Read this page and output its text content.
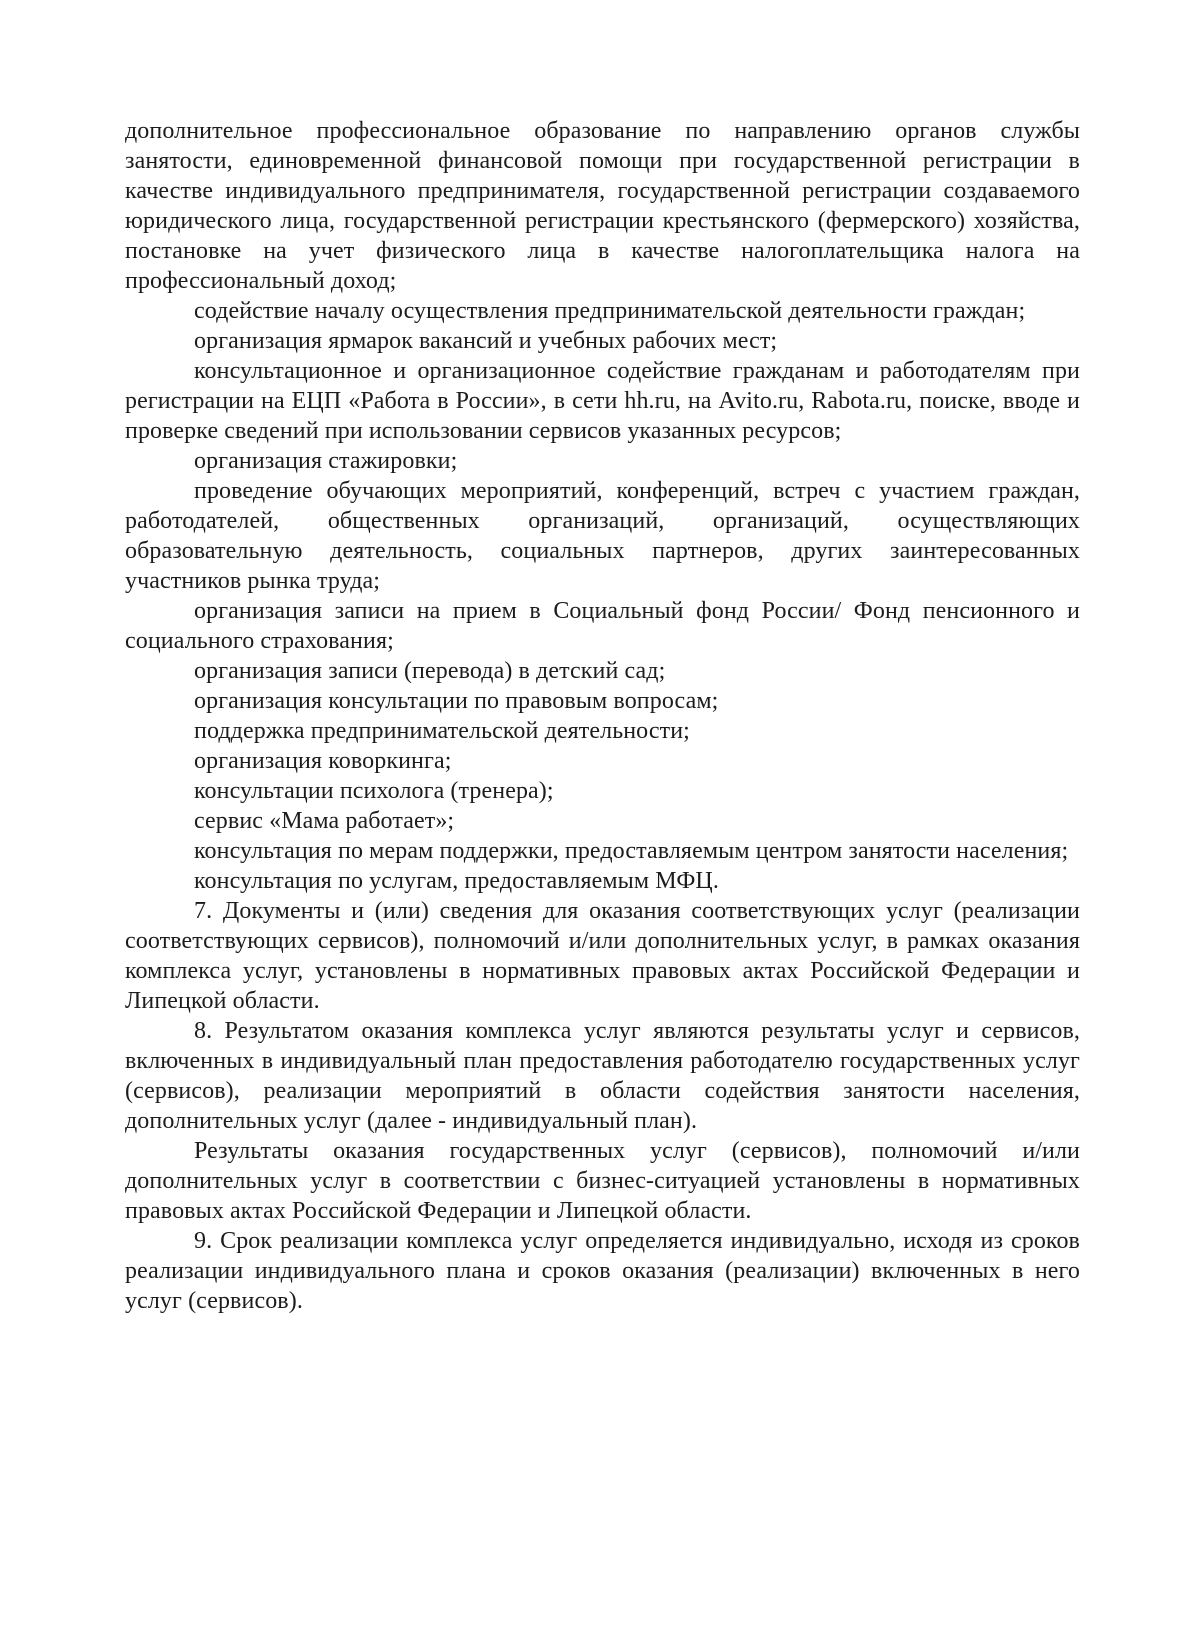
дополнительное профессиональное образование по направлению органов службы занятости, единовременной финансовой помощи при государственной регистрации в качестве индивидуального предпринимателя, государственной регистрации создаваемого юридического лица, государственной регистрации крестьянского (фермерского) хозяйства, постановке на учет физического лица в качестве налогоплательщика налога на профессиональный доход;

содействие началу осуществления предпринимательской деятельности граждан;

организация ярмарок вакансий и учебных рабочих мест;

консультационное и организационное содействие гражданам и работодателям при регистрации на ЕЦП «Работа в России», в сети hh.ru, на Avito.ru, Rabota.ru, поиске, вводе и проверке сведений при использовании сервисов указанных ресурсов;

организация стажировки;

проведение обучающих мероприятий, конференций, встреч с участием граждан, работодателей, общественных организаций, организаций, осуществляющих образовательную деятельность, социальных партнеров, других заинтересованных участников рынка труда;

организация записи на прием в Социальный фонд России/ Фонд пенсионного и социального страхования;

организация записи (перевода) в детский сад;

организация консультации по правовым вопросам;

поддержка предпринимательской деятельности;

организация коворкинга;

консультации психолога (тренера);

сервис «Мама работает»;

консультация по мерам поддержки, предоставляемым центром занятости населения;

консультация по услугам, предоставляемым МФЦ.

7. Документы и (или) сведения для оказания соответствующих услуг (реализации соответствующих сервисов), полномочий и/или дополнительных услуг, в рамках оказания комплекса услуг, установлены в нормативных правовых актах Российской Федерации и Липецкой области.

8. Результатом оказания комплекса услуг являются результаты услуг и сервисов, включенных в индивидуальный план предоставления работодателю государственных услуг (сервисов), реализации мероприятий в области содействия занятости населения, дополнительных услуг (далее - индивидуальный план).

Результаты оказания государственных услуг (сервисов), полномочий и/или дополнительных услуг в соответствии с бизнес-ситуацией установлены в нормативных правовых актах Российской Федерации и Липецкой области.

9. Срок реализации комплекса услуг определяется индивидуально, исходя из сроков реализации индивидуального плана и сроков оказания (реализации) включенных в него услуг (сервисов).
